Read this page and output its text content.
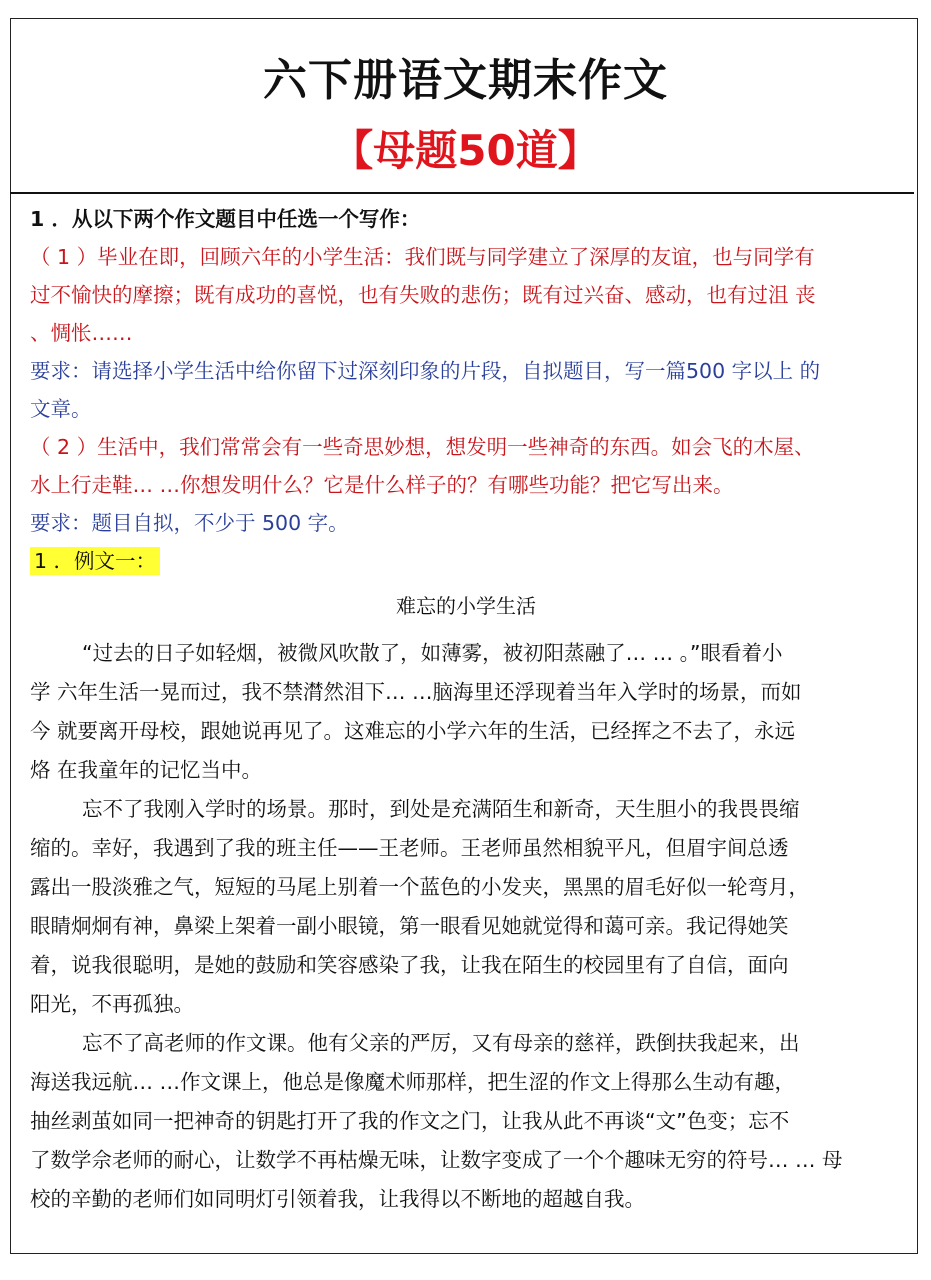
六下册语文期末作文
【母题50道】
1 ．从以下两个作文题目中任选一个写作：
（ 1 ）毕业在即，回顾六年的小学生活：我们既与同学建立了深厚的友谊，也与同学有
过不愉快的摩擦；既有成功的喜悦，也有失败的悲伤；既有过兴奋、感动，也有过沮 丧
、惆怅……
要求：请选择小学生活中给你留下过深刻印象的片段，自拟题目，写一篇500 字以上 的
文章。
（ 2 ）生活中，我们常常会有一些奇思妙想，想发明一些神奇的东西。如会飞的木屋、
水上行走鞋… …你想发明什么？它是什么样子的？有哪些功能？把它写出来。
要求：题目自拟，不少于 500 字。
1 ．例文一：
难忘的小学生活
“过去的日子如轻烟，被微风吹散了，如薄雾，被初阳蒸融了… … 。”眼看着小
学 六年生活一晃而过，我不禁潸然泪下… …脑海里还浮现着当年入学时的场景，而如
今 就要离开母校，跟她说再见了。这难忘的小学六年的生活，已经挥之不去了，永远
烙 在我童年的记忆当中。
忘不了我刚入学时的场景。那时，到处是充满陌生和新奇，天生胆小的我畏畏缩
缩的。幸好，我遇到了我的班主任——王老师。王老师虽然相貌平凡，但眉宇间总透
露出一股淡雅之气，短短的马尾上别着一个蓝色的小发夹，黑黑的眉毛好似一轮弯月，
眼睛炯炯有神，鼻梁上架着一副小眼镜，第一眼看见她就觉得和蔼可亲。我记得她笑
着，说我很聪明，是她的鼓励和笑容感染了我，让我在陌生的校园里有了自信，面向
阳光，不再孤独。
忘不了高老师的作文课。他有父亲的严厉，又有母亲的慈祥，跌倒扶我起来，出
海送我远航… …作文课上，他总是像魔术师那样，把生涩的作文上得那么生动有趣，
抽丝剥茧如同一把神奇的钥匙打开了我的作文之门，让我从此不再谈“文”色变；忘不
了数学佘老师的耐心，让数学不再枯燥无味，让数字变成了一个个趣味无穷的符号… … 母
校的辛勤的老师们如同明灯引领着我，让我得以不断地的超越自我。
